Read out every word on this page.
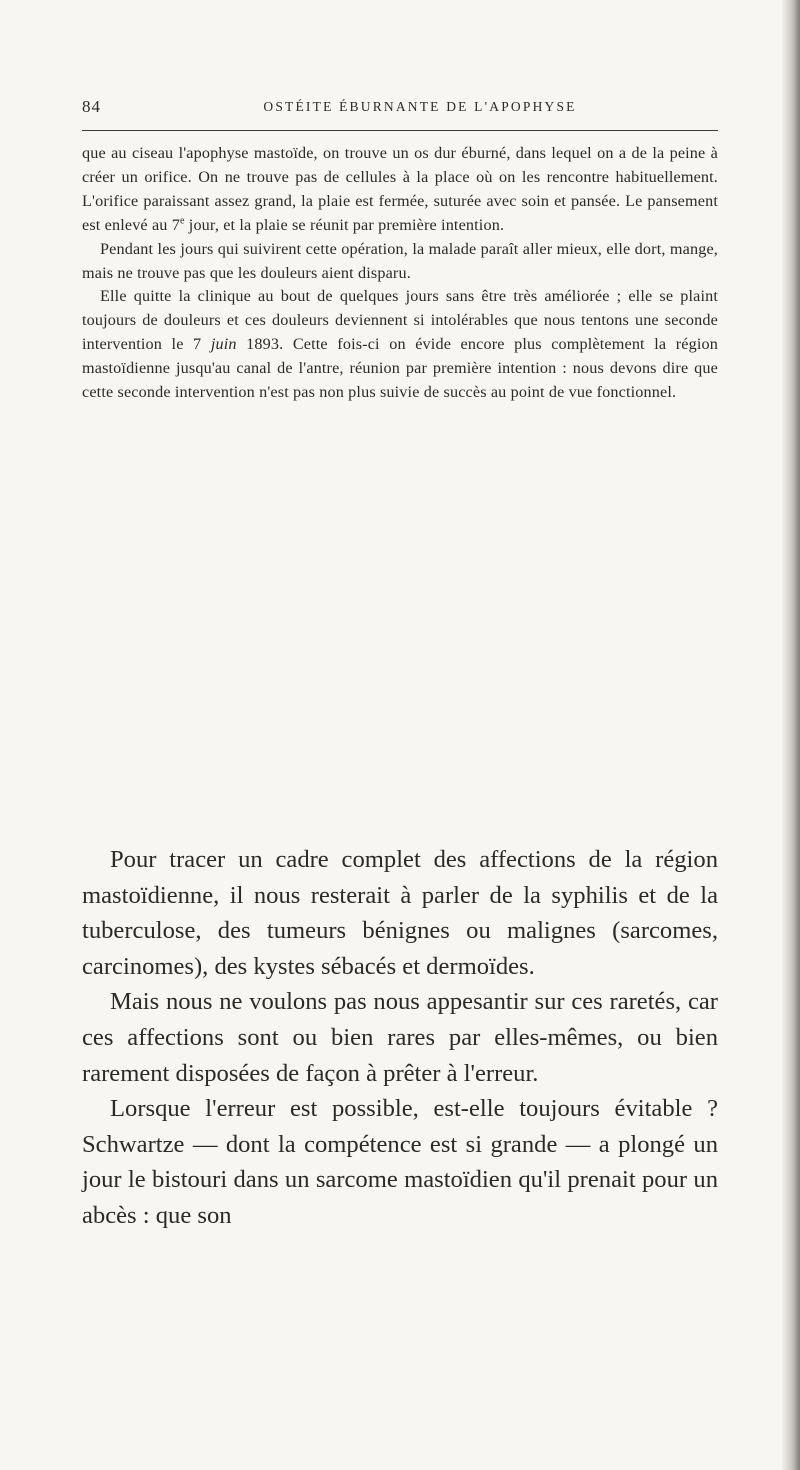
84	OSTÉITE ÉBURNANTE DE L'APOPHYSE

que au ciseau l'apophyse mastoïde, on trouve un os dur éburné, dans lequel on a de la peine à créer un orifice. On ne trouve pas de cellules à la place où on les rencontre habituellement. L'orifice paraissant assez grand, la plaie est fermée, suturée avec soin et pansée. Le pansement est enlevé au 7e jour, et la plaie se réunit par première intention.

Pendant les jours qui suivirent cette opération, la malade paraît aller mieux, elle dort, mange, mais ne trouve pas que les douleurs aient disparu.

Elle quitte la clinique au bout de quelques jours sans être très améliorée ; elle se plaint toujours de douleurs et ces douleurs deviennent si intolérables que nous tentons une seconde intervention le 7 juin 1893. Cette fois-ci on évide encore plus complètement la région mastoïdienne jusqu'au canal de l'antre, réunion par première intention : nous devons dire que cette seconde intervention n'est pas non plus suivie de succès au point de vue fonctionnel.

Pour tracer un cadre complet des affections de la région mastoïdienne, il nous resterait à parler de la syphilis et de la tuberculose, des tumeurs bénignes ou malignes (sarcomes, carcinomes), des kystes sébacés et dermoïdes.

Mais nous ne voulons pas nous appesantir sur ces raretés, car ces affections sont ou bien rares par elles-mêmes, ou bien rarement disposées de façon à prêter à l'erreur.

Lorsque l'erreur est possible, est-elle toujours évitable ? Schwartze — dont la compétence est si grande — a plongé un jour le bistouri dans un sarcome mastoïdien qu'il prenait pour un abcès : que son
